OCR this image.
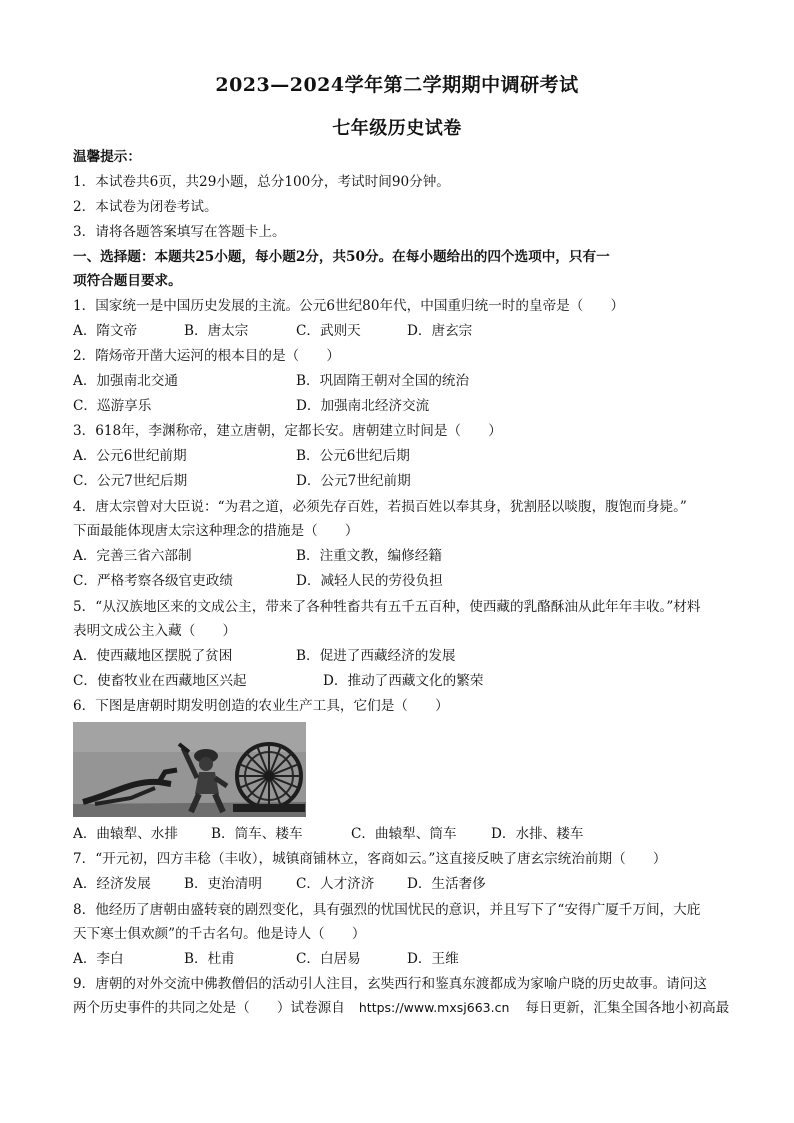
2023—2024学年第二学期期中调研考试
七年级历史试卷
温馨提示：
1．本试卷共6页，共29小题，总分100分，考试时间90分钟。
2．本试卷为闭卷考试。
3．请将各题答案填写在答题卡上。
一、选择题：本题共25小题，每小题2分，共50分。在每小题给出的四个选项中，只有一
项符合题目要求。
1．国家统一是中国历史发展的主流。公元6世纪80年代，中国重归统一时的皇帝是（　　）
A．隋文帝	B．唐太宗	C．武则天	D．唐玄宗
2．隋炀帝开凿大运河的根本目的是（　　）
A．加强南北交通	B．巩固隋王朝对全国的统治
C．巡游享乐	D．加强南北经济交流
3．618年，李渊称帝，建立唐朝，定都长安。唐朝建立时间是（　　）
A．公元6世纪前期	B．公元6世纪后期
C．公元7世纪后期	D．公元7世纪前期
4．唐太宗曾对大臣说：“为君之道，必须先存百姓，若损百姓以奉其身，犹割胫以啖腹，腹饱而身毙。”
下面最能体现唐太宗这种理念的措施是（　　）
A．完善三省六部制	B．注重文教，编修经籍
C．严格考察各级官吏政绩	D．减轻人民的劳役负担
5．“从汉族地区来的文成公主，带来了各种牲畜共有五千五百种，使西藏的乳酪酥油从此年年丰收。”材料
表明文成公主入藏（　　）
A．使西藏地区摆脱了贫困	B．促进了西藏经济的发展
C．使畜牧业在西藏地区兴起	D．推动了西藏文化的繁荣
6．下图是唐朝时期发明创造的农业生产工具，它们是（　　）
A．曲辕犁、水排 B．筒车、耧车	C．曲辕犁、筒车	D．水排、耧车
7．“开元初，四方丰稔（丰收），城镇商铺林立，客商如云。”这直接反映了唐玄宗统治前期（　　）
A．经济发展 B．吏治清明	C．人才济济 D．生活奢侈
8．他经历了唐朝由盛转衰的剧烈变化，具有强烈的忧国忧民的意识，并且写下了“安得广厦千万间，大庇
天下寒士俱欢颜”的千古名句。他是诗人（　　）
A．李白	B．杜甫	C．白居易	D．王维
9．唐朝的对外交流中佛教僧侣的活动引人注目，玄奘西行和鉴真东渡都成为家喻户晓的历史故事。请问这
两个历史事件的共同之处是（　　）试卷源自 https://www.mxsj663.cn 每日更新，汇集全国各地小初高最
